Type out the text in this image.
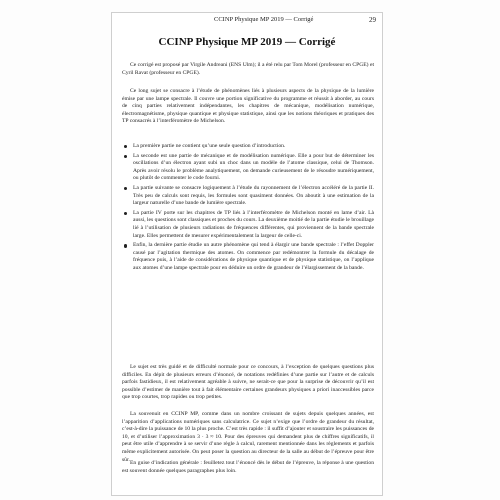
CCINP Physique MP 2019 — Corrigé	29
CCINP Physique MP 2019 — Corrigé

Ce corrigé est proposé par Virgile Andreani (ENS Ulm); il a été relu par Tom Morel (professeur en CPGE) et Cyril Ravat (professeur en CPGE).

Ce long sujet se consacre à l’étude de phénomènes liés à plusieurs aspects de la physique de la lumière émise par une lampe spectrale. Il couvre une portion significative du programme et réussit à aborder, au cours de cinq parties relativement indépendantes, les chapitres de mécanique, modélisation numérique, électromagnétisme, physique quantique et physique statistique, ainsi que les notions théoriques et pratiques des TP consacrés à l’interféromètre de Michelson.

La première partie ne contient qu’une seule question d’introduction.
La seconde est une partie de mécanique et de modélisation numérique. Elle a pour but de déterminer les oscillations d’un électron ayant subi un choc dans un modèle de l’atome classique, celui de Thomson. Après avoir résolu le problème analytiquement, on demande curieusement de le résoudre numériquement, ou plutôt de commenter le code fourni.
La partie suivante se consacre logiquement à l’étude du rayonnement de l’électron accéléré de la partie II. Très peu de calculs sont requis, les formules sont quasiment données. On aboutit à une estimation de la largeur naturelle d’une bande de lumière spectrale.
La partie IV porte sur les chapitres de TP liés à l’interféromètre de Michelson monté en lame d’air. Là aussi, les questions sont classiques et proches du cours. La deuxième moitié de la partie étudie le brouillage lié à l’utilisation de plusieurs radiations de fréquences différentes, qui proviennent de la bande spectrale large. Elles permettent de mesurer expérimentalement la largeur de celle-ci.
Enfin, la dernière partie étudie un autre phénomène qui tend à élargir une bande spectrale : l’effet Doppler causé par l’agitation thermique des atomes. On commence par redémontrer la formule du décalage de fréquence puis, à l’aide de considérations de physique quantique et de physique statistique, on l’applique aux atomes d’une lampe spectrale pour en déduire un ordre de grandeur de l’élargissement de la bande.

Le sujet est très guidé et de difficulté normale pour ce concours, à l’exception de quelques questions plus difficiles. En dépit de plusieurs erreurs d’énoncé, de notations redéfinies d’une partie sur l’autre et de calculs parfois fastidieux, il est relativement agréable à suivre, ne serait-ce que pour la surprise de découvrir qu’il est possible d’estimer de manière tout à fait élémentaire certaines grandeurs physiques a priori inaccessibles parce que trop courtes, trop rapides ou trop petites.

La souvenuit en CCINP MP, comme dans un nombre croissant de sujets depuis quelques années, est l’apparition d’applications numériques sans calculatrice. Ce sujet n’exige que l’ordre de grandeur du résultat, c’est-à-dire la puissance de 10 la plus proche. C’est très rapide : il suffit d’ajouter et soustraire les puissances de 10, et d’utiliser l’approximation 3 · 3 ≈ 10. Pour des épreuves qui demandent plus de chiffres significatifs, il peut être utile d’apprendre à se servir d’une règle à calcul, rarement mentionnée dans les règlements et parfois même explicitement autorisée. On peut poser la question au directeur de la salle au début de l’épreuve pour être sûr.

En guise d’indication générale : feuilletez tout l’énoncé dès le début de l’épreuve, la réponse à une question est souvent donnée quelques paragraphes plus loin.
